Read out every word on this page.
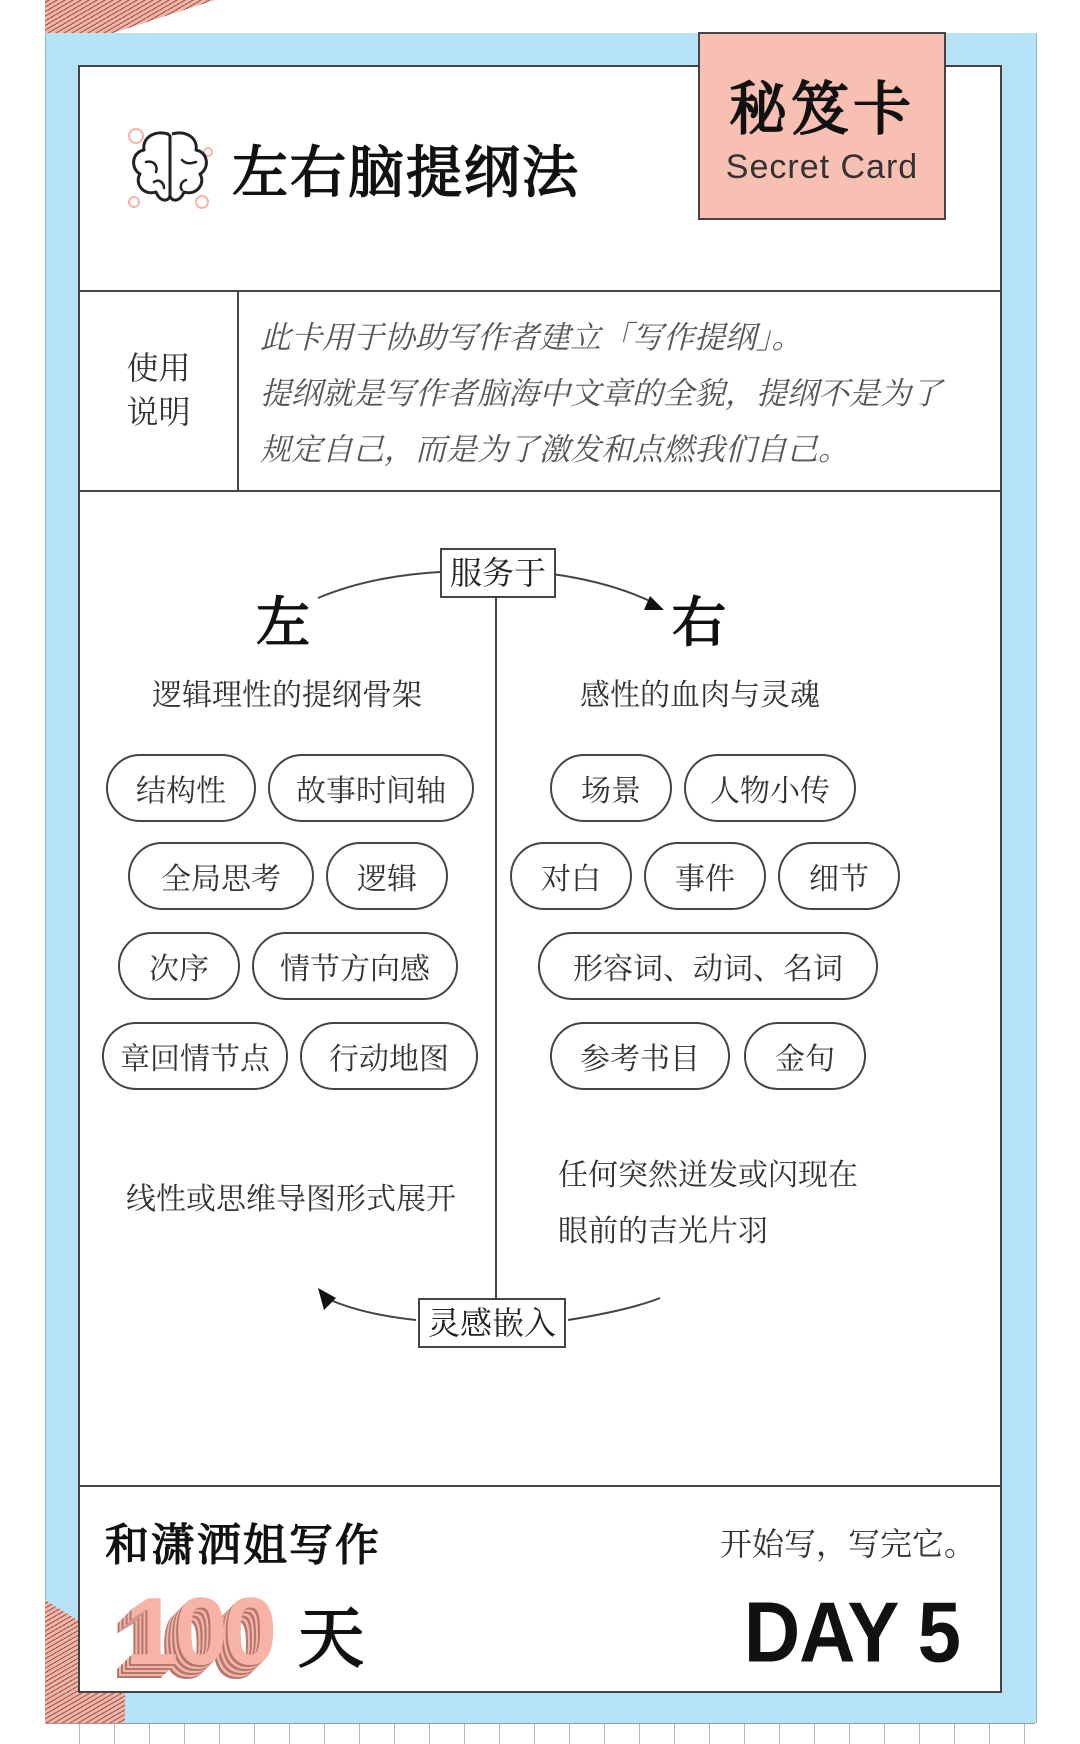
左右脑提纲法
秘笈卡
Secret Card
使用说明

此卡用于协助写作者建立「写作提纲」。
提纲就是写作者脑海中文章的全貌，提纲不是为了
规定自己，而是为了激发和点燃我们自己。

服务于
灵感嵌入
左	右
逻辑理性的提纲骨架	感性的血肉与灵魂
结构性	故事时间轴
全局思考	逻辑
次序	情节方向感
章回情节点	行动地图
场景	人物小传
对白	事件	细节
形容词、动词、名词
参考书目	金句

线性或思维导图形式展开

任何突然迸发或闪现在
眼前的吉光片羽

和潇洒姐写作
100 天
开始写，写完它。
DAY 5
